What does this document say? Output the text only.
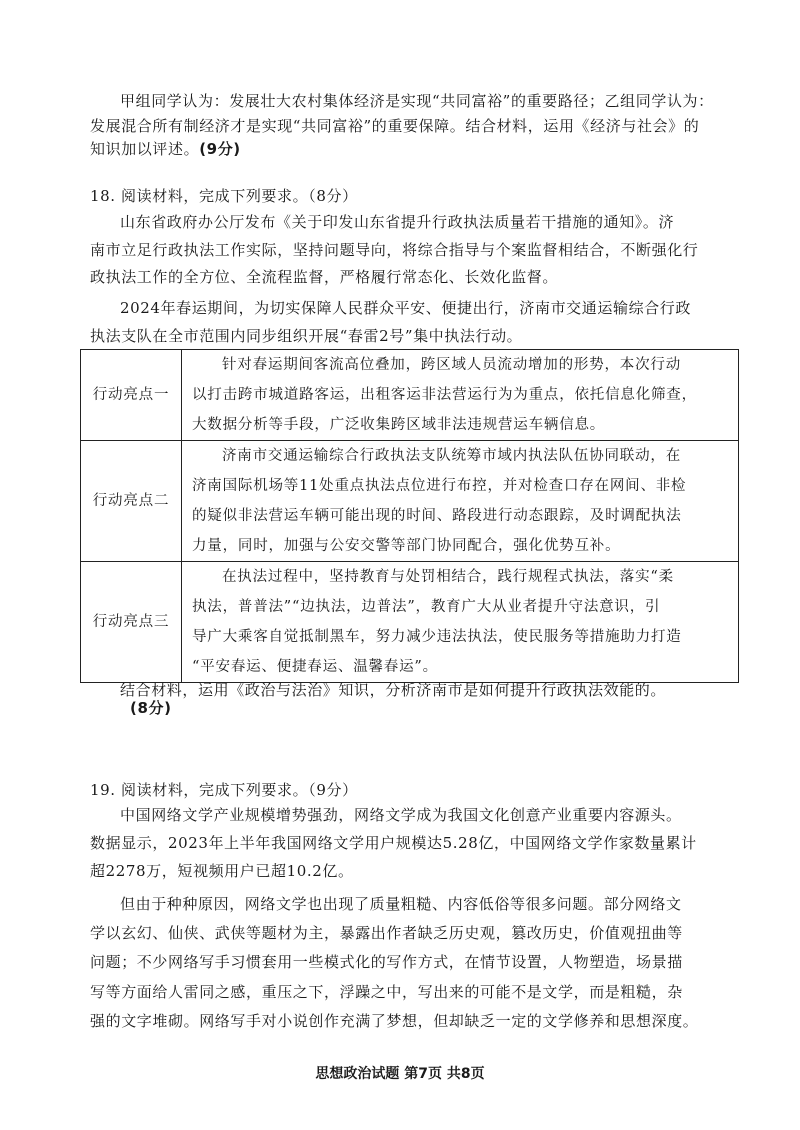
甲组同学认为：发展壮大农村集体经济是实现“共同富裕”的重要路径；乙组同学认为：
发展混合所有制经济才是实现“共同富裕”的重要保障。结合材料，运用《经济与社会》的
知识加以评述。(9分)
18. 阅读材料，完成下列要求。（8分）
山东省政府办公厅发布《关于印发山东省提升行政执法质量若干措施的通知》。济
南市立足行政执法工作实际，坚持问题导向，将综合指导与个案监督相结合，不断强化行
政执法工作的全方位、全流程监督，严格履行常态化、长效化监督。
2024年春运期间，为切实保障人民群众平安、便捷出行，济南市交通运输综合行政
执法支队在全市范围内同步组织开展“春雷2号”集中执法行动。
行动亮点一	针对春运期间客流高位叠加，跨区域人员流动增加的形势，本次行动
以打击跨市城道路客运，出租客运非法营运行为为重点，依托信息化筛查，
大数据分析等手段，广泛收集跨区域非法违规营运车辆信息。

行动亮点二	济南市交通运输综合行政执法支队统筹市域内执法队伍协同联动，在
济南国际机场等11处重点执法点位进行布控，并对检查口存在网间、非检
的疑似非法营运车辆可能出现的时间、路段进行动态跟踪，及时调配执法
力量，同时，加强与公安交警等部门协同配合，强化优势互补。

行动亮点三	在执法过程中，坚持教育与处罚相结合，践行规程式执法，落实“柔
执法，普普法”“边执法，边普法”，教育广大从业者提升守法意识，引
导广大乘客自觉抵制黑车，努力减少违法执法，使民服务等措施助力打造
“平安春运、便捷春运、温馨春运”。
结合材料，运用《政治与法治》知识，分析济南市是如何提升行政执法效能的。
(8分)
19. 阅读材料，完成下列要求。（9分）
中国网络文学产业规模增势强劲，网络文学成为我国文化创意产业重要内容源头。
数据显示，2023年上半年我国网络文学用户规模达5.28亿，中国网络文学作家数量累计
超2278万，短视频用户已超10.2亿。
但由于种种原因，网络文学也出现了质量粗糙、内容低俗等很多问题。部分网络文
学以玄幻、仙侠、武侠等题材为主，暴露出作者缺乏历史观，篡改历史，价值观扭曲等
问题；不少网络写手习惯套用一些模式化的写作方式，在情节设置，人物塑造，场景描
写等方面给人雷同之感，重压之下，浮躁之中，写出来的可能不是文学，而是粗糙，杂
强的文字堆砌。网络写手对小说创作充满了梦想，但却缺乏一定的文学修养和思想深度。
思想政治试题 第7页 共8页
